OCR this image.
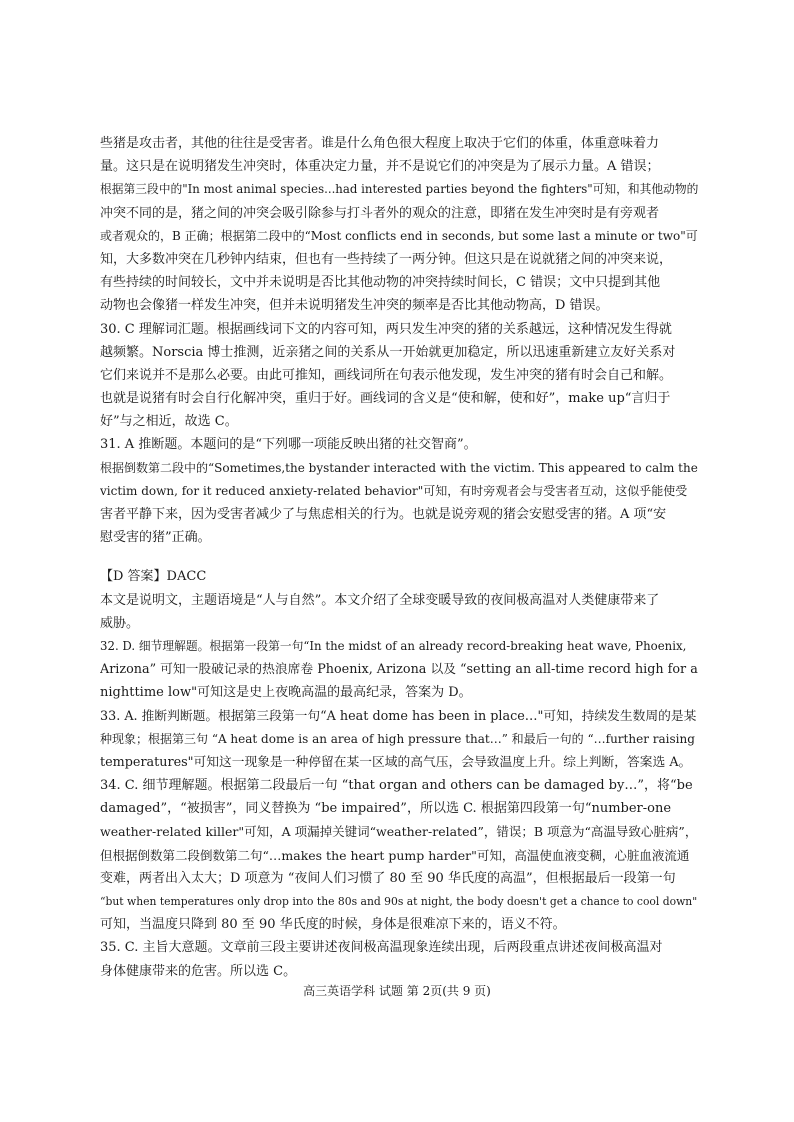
些猪是攻击者，其他的往往是受害者。谁是什么角色很大程度上取决于它们的体重，体重意味着力
量。这只是在说明猪发生冲突时，体重决定力量，并不是说它们的冲突是为了展示力量。A 错误；
根据第三段中的"In most animal species...had interested parties beyond the fighters"可知，和其他动物的
冲突不同的是，猪之间的冲突会吸引除参与打斗者外的观众的注意，即猪在发生冲突时是有旁观者
或者观众的，B 正确；根据第二段中的“Most conflicts end in seconds, but some last a minute or two"可
知，大多数冲突在几秒钟内结束，但也有一些持续了一两分钟。但这只是在说就猪之间的冲突来说，
有些持续的时间较长，文中并未说明是否比其他动物的冲突持续时间长，C 错误；文中只提到其他
动物也会像猪一样发生冲突，但并未说明猪发生冲突的频率是否比其他动物高，D 错误。
30. C 理解词汇题。根据画线词下文的内容可知，两只发生冲突的猪的关系越远，这种情况发生得就
越频繁。Norscia 博士推测，近亲猪之间的关系从一开始就更加稳定，所以迅速重新建立友好关系对
它们来说并不是那么必要。由此可推知，画线词所在句表示他发现，发生冲突的猪有时会自己和解。
也就是说猪有时会自行化解冲突，重归于好。画线词的含义是“使和解，使和好”，make up“言归于
好”与之相近，故选 C。
31. A 推断题。本题问的是“下列哪一项能反映出猪的社交智商”。
根据倒数第二段中的“Sometimes,the bystander interacted with the victim. This appeared to calm the
victim down, for it reduced anxiety-related behavior"可知，有时旁观者会与受害者互动，这似乎能使受
害者平静下来，因为受害者减少了与焦虑相关的行为。也就是说旁观的猪会安慰受害的猪。A 项“安
慰受害的猪”正确。
【D 答案】DACC
本文是说明文，主题语境是“人与自然”。本文介绍了全球变暖导致的夜间极高温对人类健康带来了
威胁。
32. D. 细节理解题。根据第一段第一句“In the midst of an already record-breaking heat wave, Phoenix,
Arizona” 可知一股破记录的热浪席卷 Phoenix, Arizona 以及 “setting an all-time record high for a
nighttime low"可知这是史上夜晚高温的最高纪录，答案为 D。
33. A. 推断判断题。根据第三段第一句“A heat dome has been in place…"可知，持续发生数周的是某
种现象；根据第三句 “A heat dome is an area of high pressure that…” 和最后一句的 “…further raising
temperatures"可知这一现象是一种停留在某一区域的高气压，会导致温度上升。综上判断，答案选 A。
34. C. 细节理解题。根据第二段最后一句 “that organ and others can be damaged by…”，将“be
damaged”，“被损害”，同义替换为 “be impaired”，所以选 C. 根据第四段第一句“number-one
weather-related killer"可知，A 项漏掉关键词“weather-related”，错误；B 项意为“高温导致心脏病”，
但根据倒数第二段倒数第二句“…makes the heart pump harder"可知，高温使血液变稠，心脏血液流通
变难，两者出入太大；D 项意为 “夜间人们习惯了 80 至 90 华氏度的高温”，但根据最后一段第一句
“but when temperatures only drop into the 80s and 90s at night, the body doesn't get a chance to cool down"
可知，当温度只降到 80 至 90 华氏度的时候，身体是很难凉下来的，语义不符。
35. C. 主旨大意题。文章前三段主要讲述夜间极高温现象连续出现，后两段重点讲述夜间极高温对
身体健康带来的危害。所以选 C。
高三英语学科 试题 第 2页(共 9 页)
